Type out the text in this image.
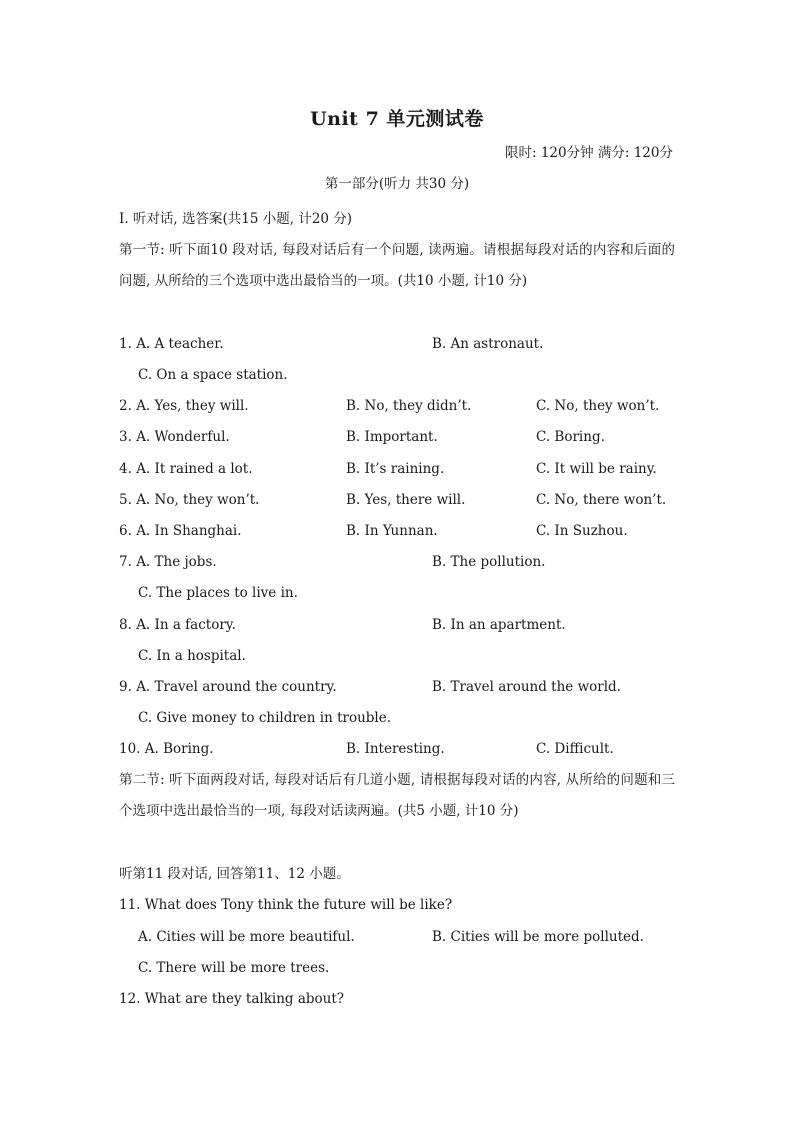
Unit 7 单元测试卷
限时: 120分钟 满分: 120分
第一部分(听力 共30 分)
I. 听对话, 选答案(共15 小题, 计20 分)
第一节: 听下面10 段对话, 每段对话后有一个问题, 读两遍。请根据每段对话的内容和后面的问题, 从所给的三个选项中选出最恰当的一项。(共10 小题, 计10 分)
1. A. A teacher.	B. An astronaut.
C. On a space station.
2. A. Yes, they will.	B. No, they didn’t.	C. No, they won’t.
3. A. Wonderful.	B. Important.	C. Boring.
4. A. It rained a lot.	B. It’s raining.	C. It will be rainy.
5. A. No, they won’t.	B. Yes, there will.	C. No, there won’t.
6. A. In Shanghai.	B. In Yunnan.	C. In Suzhou.
7. A. The jobs.	B. The pollution.
C. The places to live in.
8. A. In a factory.	B. In an apartment.
C. In a hospital.
9. A. Travel around the country.	B. Travel around the world.
C. Give money to children in trouble.
10. A. Boring.	B. Interesting.	C. Difficult.
第二节: 听下面两段对话, 每段对话后有几道小题, 请根据每段对话的内容, 从所给的问题和三个选项中选出最恰当的一项, 每段对话读两遍。(共5 小题, 计10 分)
听第11 段对话, 回答第11、12 小题。
11. What does Tony think the future will be like?
A. Cities will be more beautiful.	B. Cities will be more polluted.
C. There will be more trees.
12. What are they talking about?
